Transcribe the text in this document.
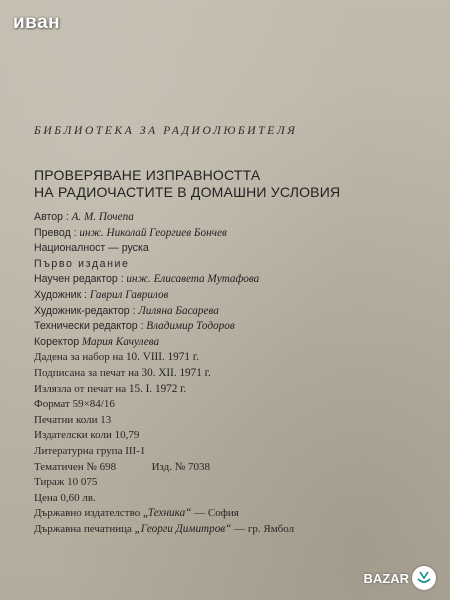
иван
БИБЛИОТЕКА ЗА РАДИОЛЮБИТЕЛЯ
ПРОВЕРЯВАНЕ ИЗПРАВНОСТТА
НА РАДИОЧАСТИТЕ В ДОМАШНИ УСЛОВИЯ
Автор : А. М. Почепа
Превод : инж. Николай Георгиев Бончев
Националност — руска
Първо издание
Научен редактор : инж. Елисавета Мутафова
Художник : Гаврил Гаврилов
Художник-редактор : Лиляна Басарева
Технически редактор : Владимир Тодоров
Коректор Мария Качулева
Дадена за набор на 10. VIII. 1971 г.
Подписана за печат на 30. XII. 1971 г.
Излязла от печат на 15. I. 1972 г.
Формат 59×84/16
Печатни коли 13
Издателски коли 10,79
Литературна група III-1
Тематичен № 698	Изд. № 7038
Тираж 10 075
Цена 0,60 лв.
Държавно издателство „Техника“ — София
Държавна печатница „Георги Димитров“ — гр. Ямбол
BAZAR
